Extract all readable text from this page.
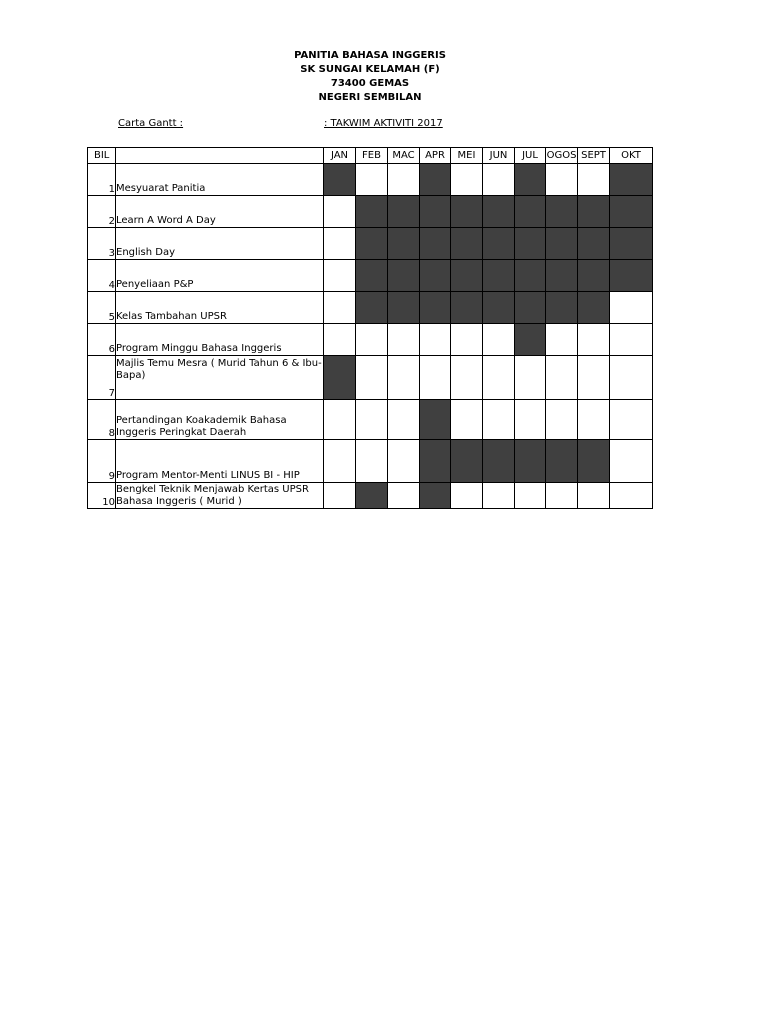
PANITIA BAHASA INGGERIS
SK SUNGAI KELAMAH (F)
73400 GEMAS
NEGERI SEMBILAN
Carta Gantt :	: TAKWIM AKTIVITI 2017
BIL		JAN	FEB	MAC	APR	MEI	JUN	JUL	OGOS	SEPT	OKT
1	Mesyuarat Panitia										
2	Learn A Word A Day										
3	English Day										
4	Penyeliaan P&P										
5	Kelas Tambahan UPSR										
6	Program Minggu Bahasa Inggeris										
7	Majlis Temu Mesra ( Murid Tahun 6 & Ibu-Bapa)										
8	Pertandingan Koakademik Bahasa Inggeris Peringkat Daerah										
9	Program Mentor-Menti LINUS BI - HIP										
10	Bengkel Teknik Menjawab Kertas UPSR Bahasa Inggeris ( Murid )										
